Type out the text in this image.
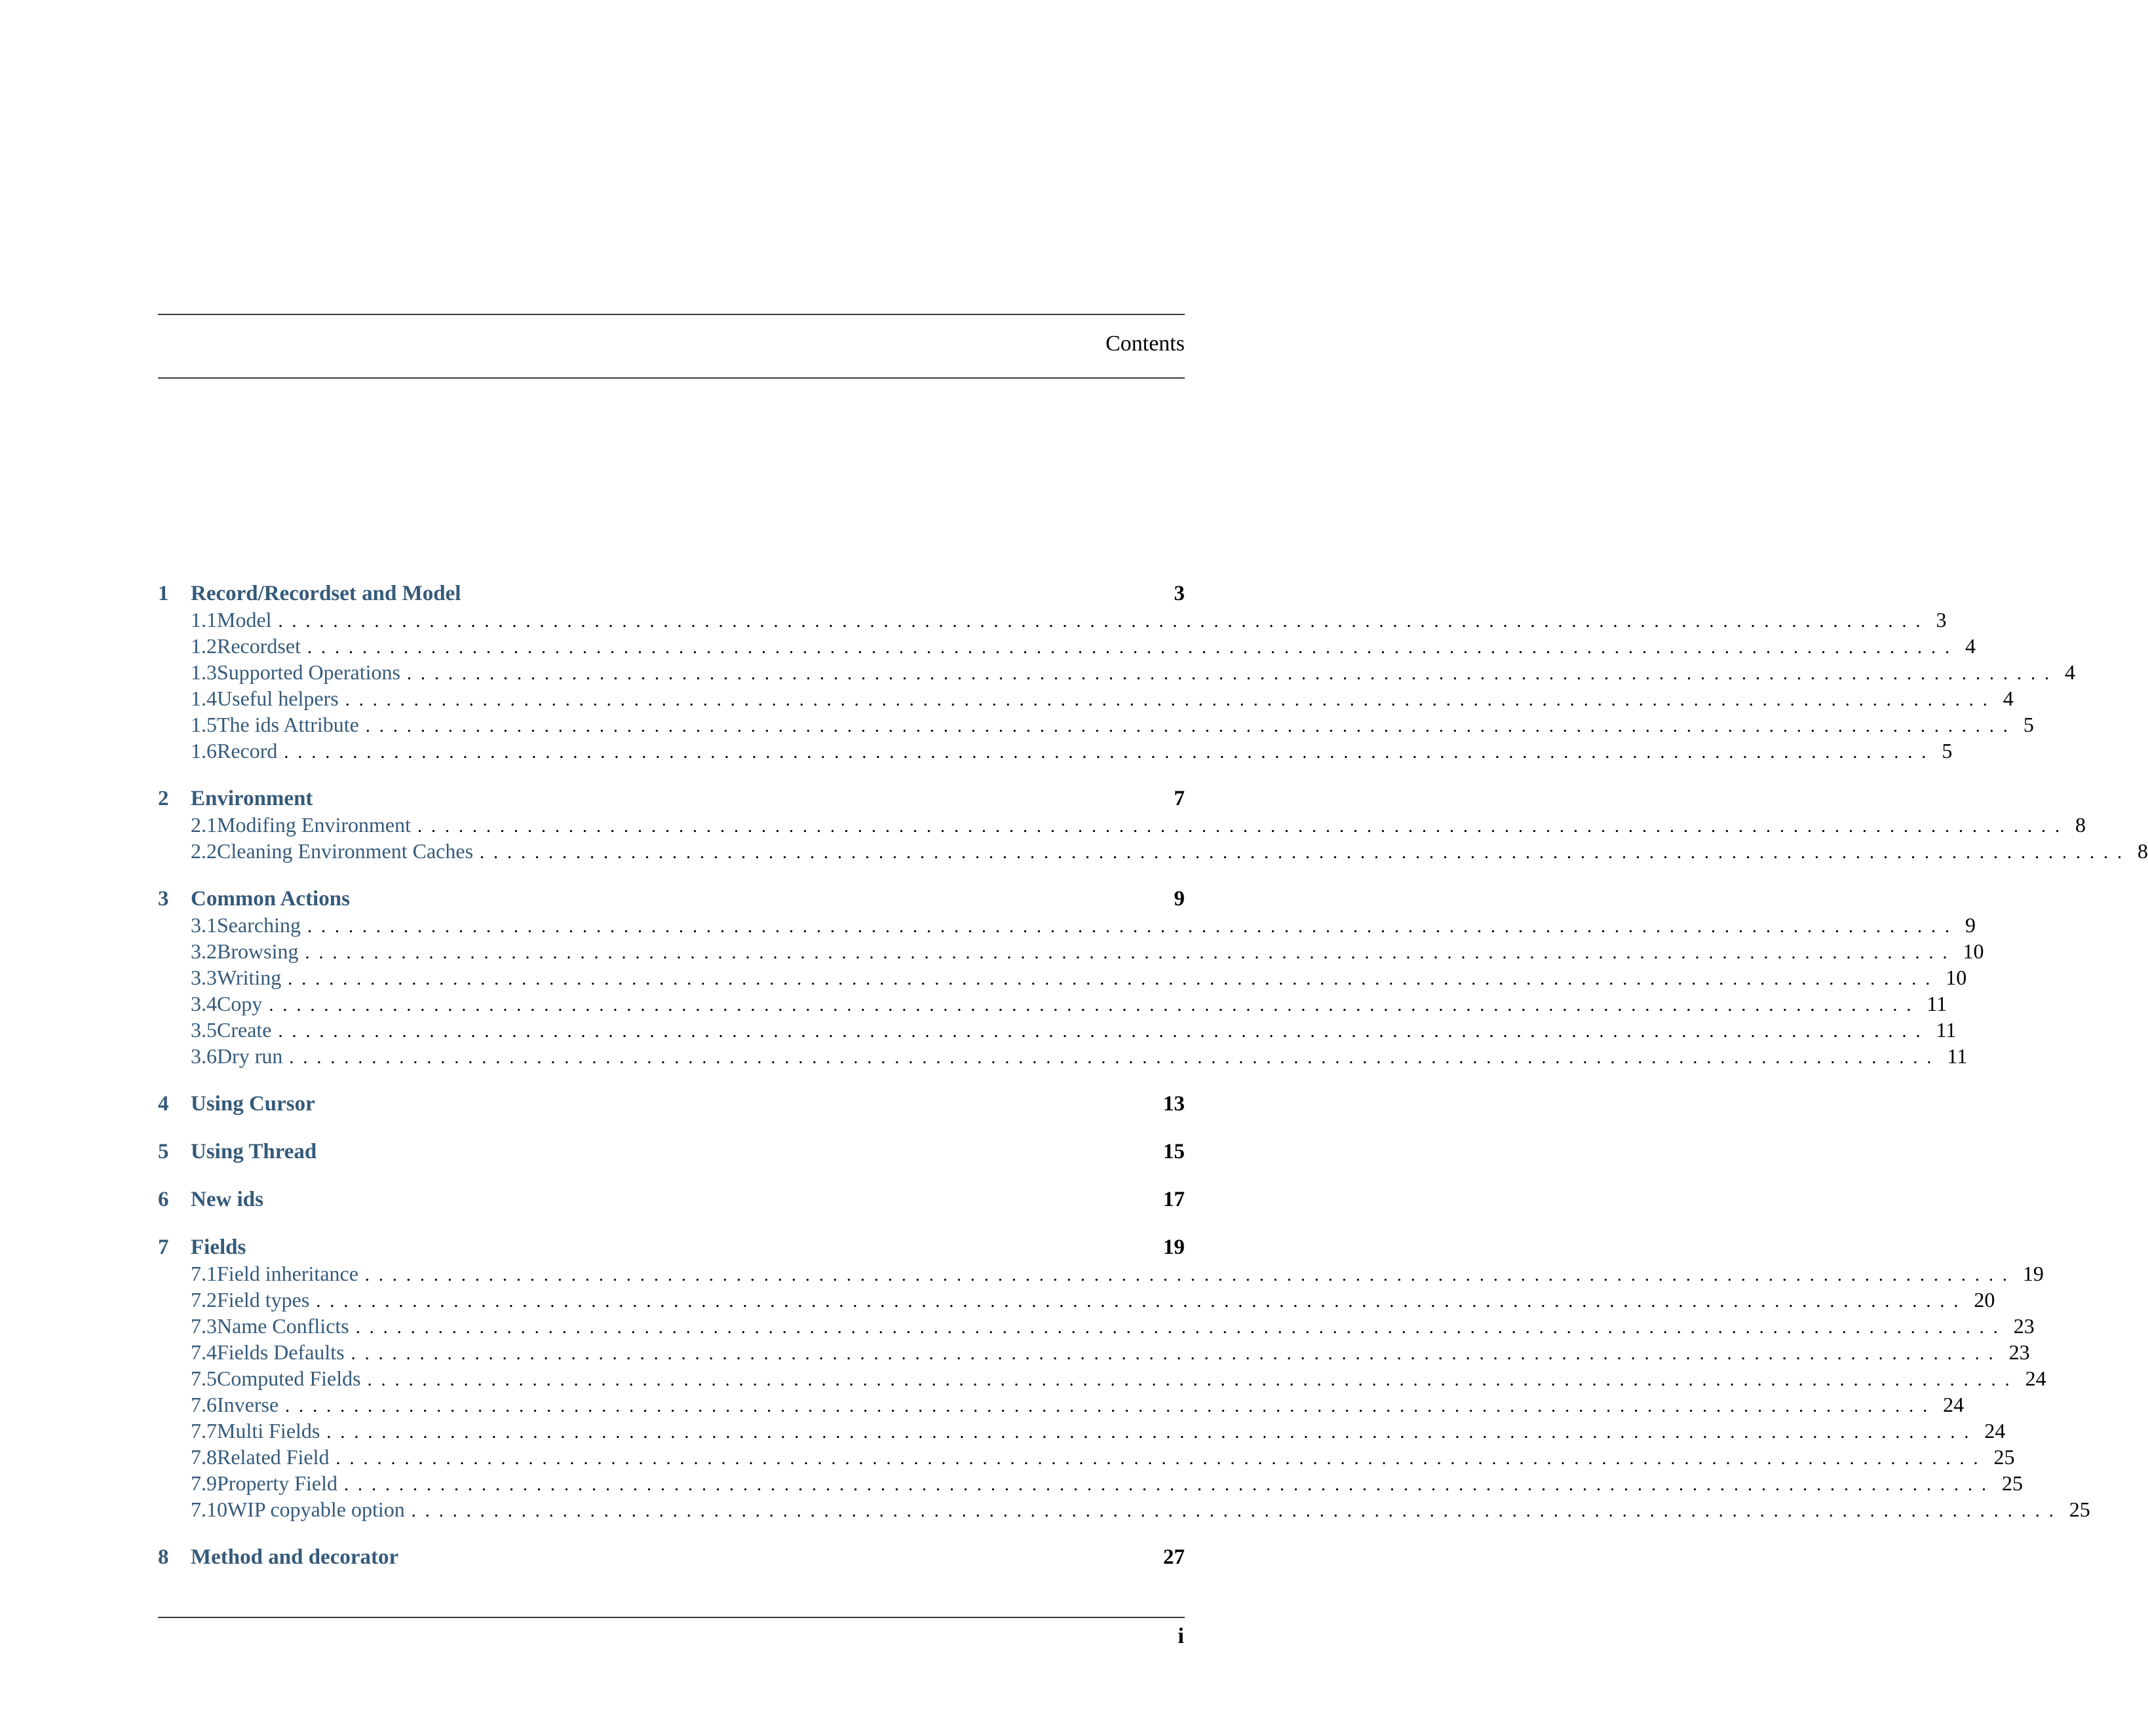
Contents
1	Record/Recordset and Model	3
1.1 Model ........................................................................................................................ 3
1.2 Recordset ........................................................................................................................ 4
1.3 Supported Operations ........................................................................................................................ 4
1.4 Useful helpers ........................................................................................................................ 4
1.5 The ids Attribute ........................................................................................................................ 5
1.6 Record ........................................................................................................................ 5
2	Environment	7
2.1 Modifing Environment ........................................................................................................................ 8
2.2 Cleaning Environment Caches ........................................................................................................................ 8
3	Common Actions	9
3.1 Searching ........................................................................................................................ 9
3.2 Browsing ........................................................................................................................ 10
3.3 Writing ........................................................................................................................ 10
3.4 Copy ........................................................................................................................ 11
3.5 Create ........................................................................................................................ 11
3.6 Dry run ........................................................................................................................ 11
4	Using Cursor	13
5	Using Thread	15
6	New ids	17
7	Fields	19
7.1 Field inheritance ........................................................................................................................ 19
7.2 Field types ........................................................................................................................ 20
7.3 Name Conflicts ........................................................................................................................ 23
7.4 Fields Defaults ........................................................................................................................ 23
7.5 Computed Fields ........................................................................................................................ 24
7.6 Inverse ........................................................................................................................ 24
7.7 Multi Fields ........................................................................................................................ 24
7.8 Related Field ........................................................................................................................ 25
7.9 Property Field ........................................................................................................................ 25
7.10 WIP copyable option ........................................................................................................................ 25
8	Method and decorator	27
i
